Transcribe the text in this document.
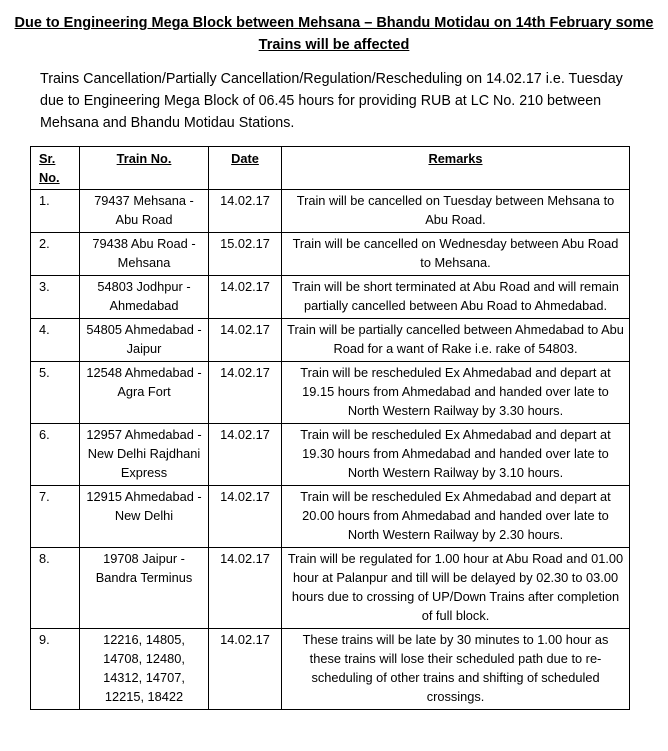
Due to Engineering Mega Block between Mehsana – Bhandu Motidau on 14th February some
Trains will be affected
Trains Cancellation/Partially Cancellation/Regulation/Rescheduling on 14.02.17 i.e. Tuesday due to Engineering Mega Block of 06.45 hours for providing RUB at LC No. 210 between Mehsana and Bhandu Motidau Stations.
Sr. No.	Train No.	Date	Remarks
1.	79437 Mehsana - Abu Road	14.02.17	Train will be cancelled on Tuesday between Mehsana to Abu Road.
2.	79438 Abu Road - Mehsana	15.02.17	Train will be cancelled on Wednesday between Abu Road to Mehsana.
3.	54803 Jodhpur - Ahmedabad	14.02.17	Train will be short terminated at Abu Road and will remain partially cancelled between Abu Road to Ahmedabad.
4.	54805 Ahmedabad - Jaipur	14.02.17	Train will be partially cancelled between Ahmedabad to Abu Road for a want of Rake i.e. rake of 54803.
5.	12548 Ahmedabad - Agra Fort	14.02.17	Train will be rescheduled Ex Ahmedabad and depart at 19.15 hours from Ahmedabad and handed over late to North Western Railway by 3.30 hours.
6.	12957 Ahmedabad - New Delhi Rajdhani Express	14.02.17	Train will be rescheduled Ex Ahmedabad and depart at 19.30 hours from Ahmedabad and handed over late to North Western Railway by 3.10 hours.
7.	12915 Ahmedabad - New Delhi	14.02.17	Train will be rescheduled Ex Ahmedabad and depart at 20.00 hours from Ahmedabad and handed over late to North Western Railway by 2.30 hours.
8.	19708 Jaipur - Bandra Terminus	14.02.17	Train will be regulated for 1.00 hour at Abu Road and 01.00 hour at Palanpur and till will be delayed by 02.30 to 03.00 hours due to crossing of UP/Down Trains after completion of full block.
9.	12216, 14805, 14708, 12480, 14312, 14707, 12215, 18422	14.02.17	These trains will be late by 30 minutes to 1.00 hour as these trains will lose their scheduled path due to re-scheduling of other trains and shifting of scheduled crossings.
